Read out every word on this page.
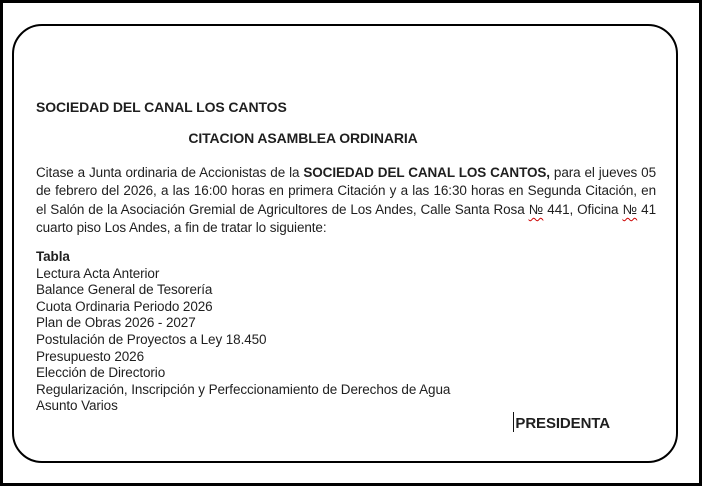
SOCIEDAD DEL CANAL LOS CANTOS
CITACION ASAMBLEA ORDINARIA

Citase a Junta ordinaria de Accionistas de la SOCIEDAD DEL CANAL LOS CANTOS, para el jueves 05 de febrero del 2026, a las 16:00 horas en primera Citación y a las 16:30 horas en Segunda Citación, en el Salón de la Asociación Gremial de Agricultores de Los Andes, Calle Santa Rosa № 441, Oficina № 41 cuarto piso Los Andes, a fin de tratar lo siguiente:

Tabla
Lectura Acta Anterior
Balance General de Tesorería
Cuota Ordinaria Periodo 2026
Plan de Obras 2026 - 2027
Postulación de Proyectos a Ley 18.450
Presupuesto 2026
Elección de Directorio
Regularización, Inscripción y Perfeccionamiento de Derechos de Agua
Asunto Varios
PRESIDENTA
